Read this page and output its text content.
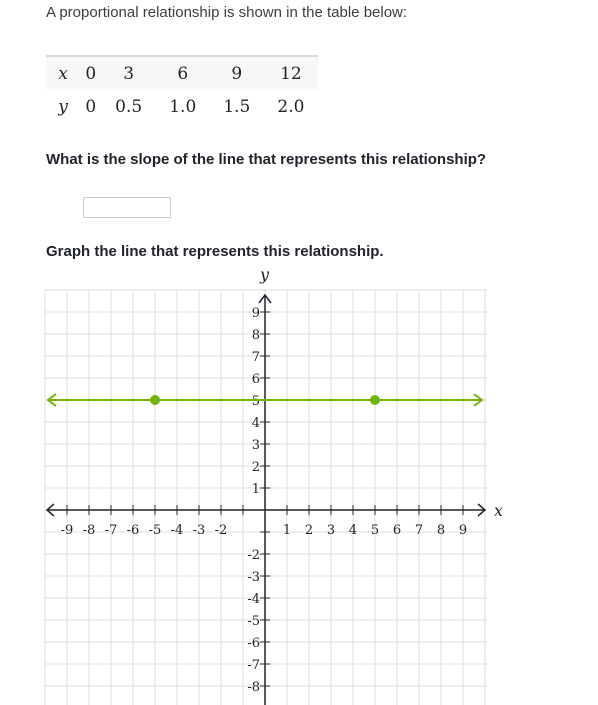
A proportional relationship is shown in the table below:

x	0	3	6	9	12
y	0	0.5	1.0	1.5	2.0

What is the slope of the line that represents this relationship?

Graph the line that represents this relationship.

-9 -8 -7 -6 -5 -4 -3 -2	1 2 3 4 5 6 7 8 9
9
8
7
6
5
4
3
2
1
-2
-3
-4
-5
-6
-7
-8
x
y
